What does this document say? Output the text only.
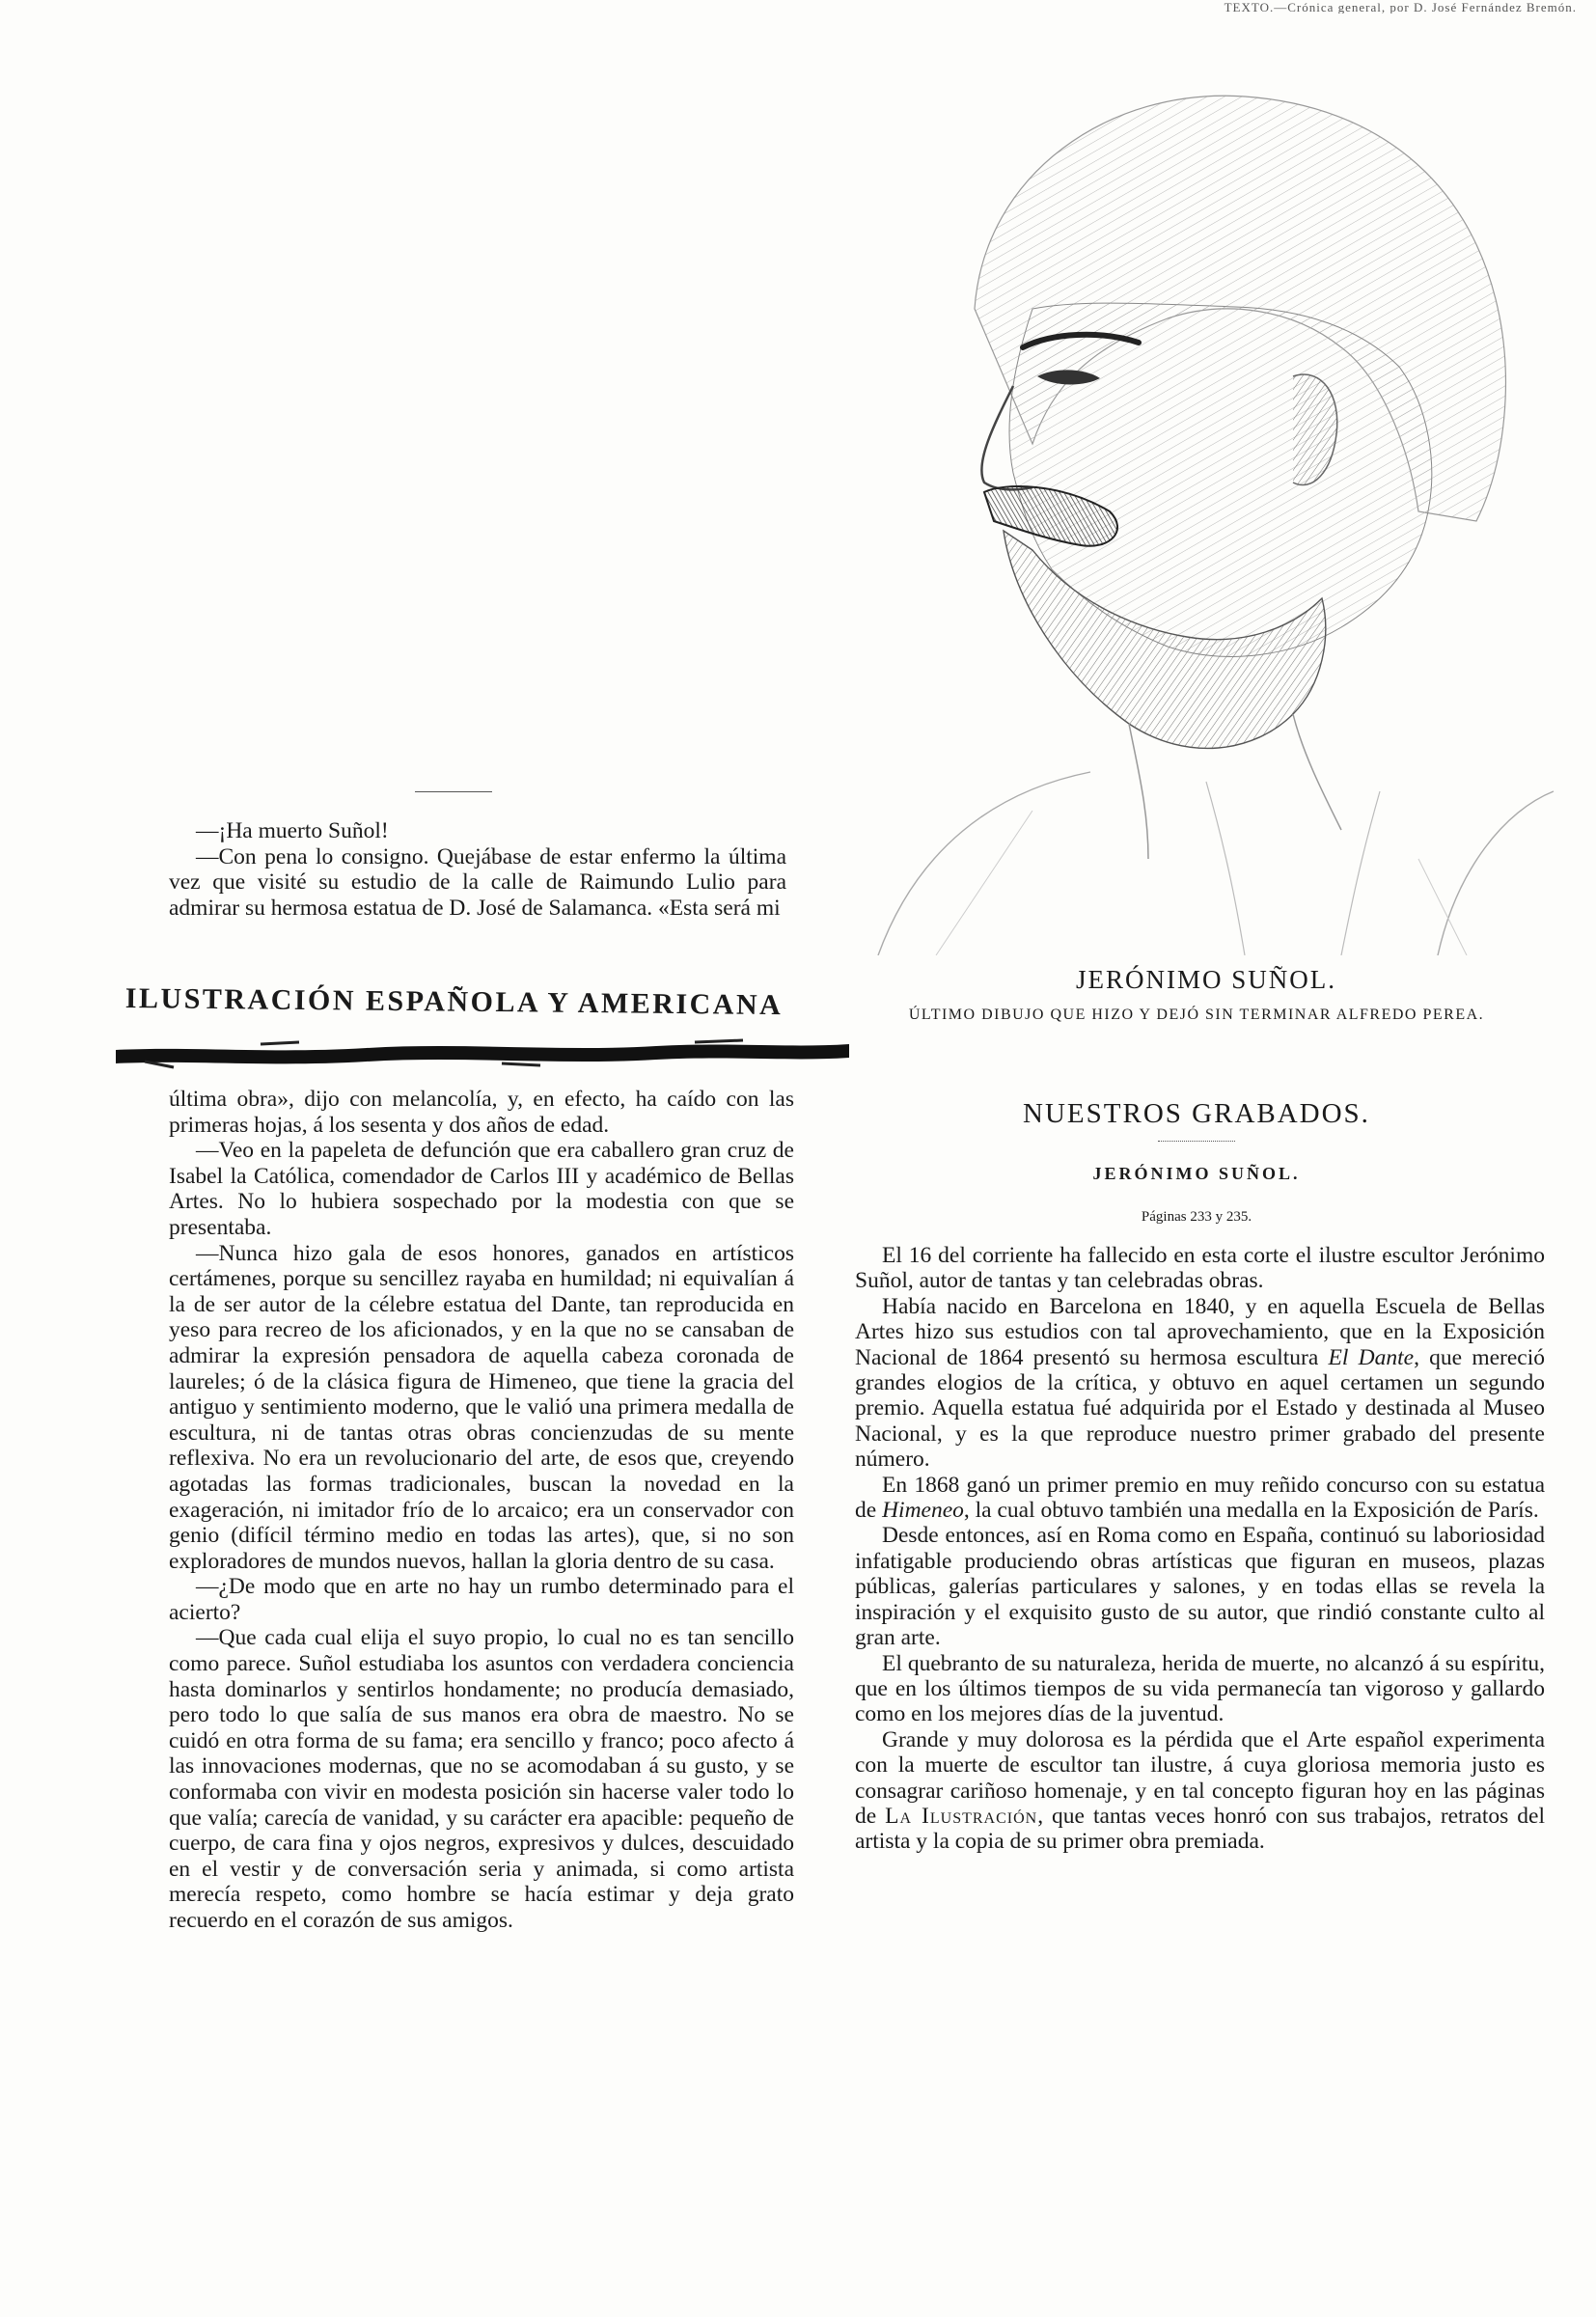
TEXTO.—Crónica general, por D. José Fernández Bremón.
JERÓNIMO SUÑOL.
ÚLTIMO DIBUJO QUE HIZO Y DEJÓ SIN TERMINAR ALFREDO PEREA.

—¡Ha muerto Suñol!

—Con pena lo consigno. Quejábase de estar enfermo la última vez que visité su estudio de la calle de Raimundo Lulio para admirar su hermosa estatua de D. José de Salamanca. «Esta será mi

ILUSTRACIÓN ESPAÑOLA Y AMERICANA

última obra», dijo con melancolía, y, en efecto, ha caído con las primeras hojas, á los sesenta y dos años de edad.

—Veo en la papeleta de defunción que era caballero gran cruz de Isabel la Católica, comendador de Carlos III y académico de Bellas Artes. No lo hubiera sospechado por la modestia con que se presentaba.

—Nunca hizo gala de esos honores, ganados en artísticos certámenes, porque su sencillez rayaba en humildad; ni equivalían á la de ser autor de la célebre estatua del Dante, tan reproducida en yeso para recreo de los aficionados, y en la que no se cansaban de admirar la expresión pensadora de aquella cabeza coronada de laureles; ó de la clásica figura de Himeneo, que tiene la gracia del antiguo y sentimiento moderno, que le valió una primera medalla de escultura, ni de tantas otras obras concienzudas de su mente reflexiva. No era un revolucionario del arte, de esos que, creyendo agotadas las formas tradicionales, buscan la novedad en la exageración, ni imitador frío de lo arcaico; era un conservador con genio (difícil término medio en todas las artes), que, si no son exploradores de mundos nuevos, hallan la gloria dentro de su casa.

—¿De modo que en arte no hay un rumbo determinado para el acierto?

—Que cada cual elija el suyo propio, lo cual no es tan sencillo como parece. Suñol estudiaba los asuntos con verdadera conciencia hasta dominarlos y sentirlos hondamente; no producía demasiado, pero todo lo que salía de sus manos era obra de maestro. No se cuidó en otra forma de su fama; era sencillo y franco; poco afecto á las innovaciones modernas, que no se acomodaban á su gusto, y se conformaba con vivir en modesta posición sin hacerse valer todo lo que valía; carecía de vanidad, y su carácter era apacible: pequeño de cuerpo, de cara fina y ojos negros, expresivos y dulces, descuidado en el vestir y de conversación seria y animada, si como artista merecía respeto, como hombre se hacía estimar y deja grato recuerdo en el corazón de sus amigos.

NUESTROS GRABADOS.
JERÓNIMO SUÑOL.
Páginas 233 y 235.

El 16 del corriente ha fallecido en esta corte el ilustre escultor Jerónimo Suñol, autor de tantas y tan celebradas obras.

Había nacido en Barcelona en 1840, y en aquella Escuela de Bellas Artes hizo sus estudios con tal aprovechamiento, que en la Exposición Nacional de 1864 presentó su hermosa escultura El Dante, que mereció grandes elogios de la crítica, y obtuvo en aquel certamen un segundo premio. Aquella estatua fué adquirida por el Estado y destinada al Museo Nacional, y es la que reproduce nuestro primer grabado del presente número.

En 1868 ganó un primer premio en muy reñido concurso con su estatua de Himeneo, la cual obtuvo también una medalla en la Exposición de París.

Desde entonces, así en Roma como en España, continuó su laboriosidad infatigable produciendo obras artísticas que figuran en museos, plazas públicas, galerías particulares y salones, y en todas ellas se revela la inspiración y el exquisito gusto de su autor, que rindió constante culto al gran arte.

El quebranto de su naturaleza, herida de muerte, no alcanzó á su espíritu, que en los últimos tiempos de su vida permanecía tan vigoroso y gallardo como en los mejores días de la juventud.

Grande y muy dolorosa es la pérdida que el Arte español experimenta con la muerte de escultor tan ilustre, á cuya gloriosa memoria justo es consagrar cariñoso homenaje, y en tal concepto figuran hoy en las páginas de La Ilustración, que tantas veces honró con sus trabajos, retratos del artista y la copia de su primer obra premiada.
